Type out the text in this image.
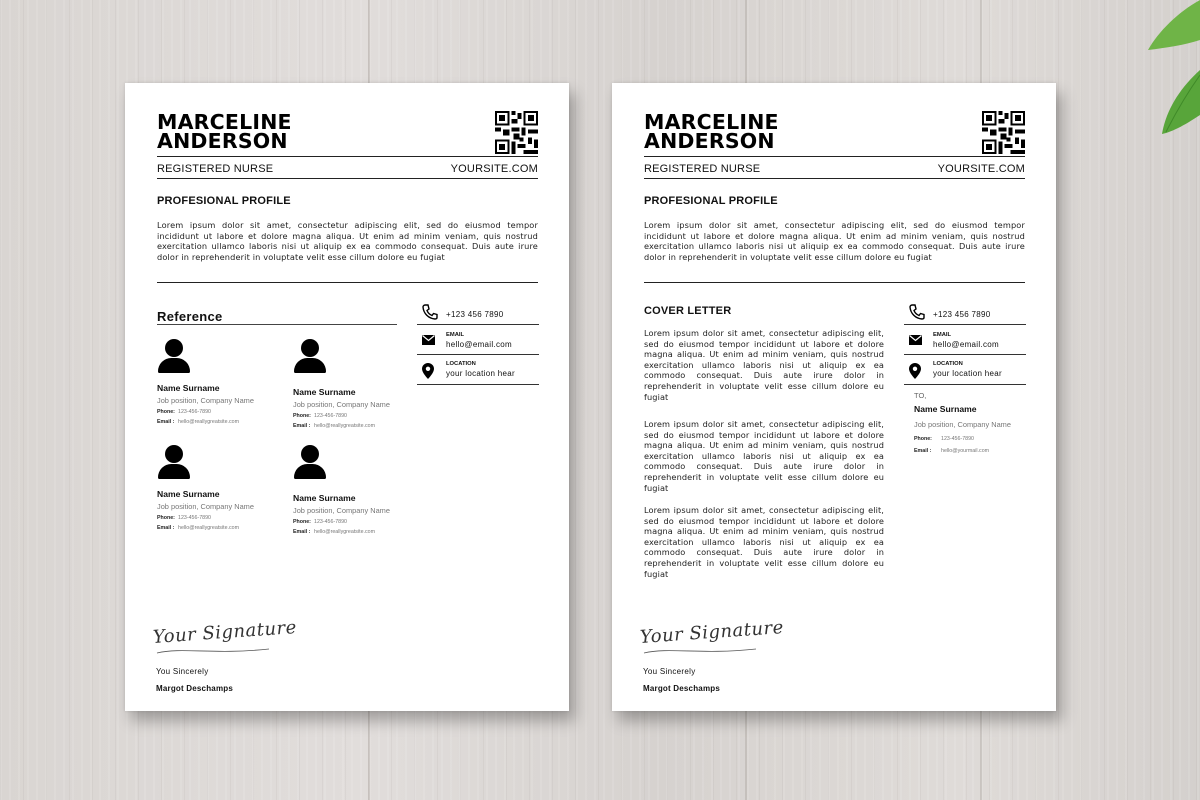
MARCELINE
ANDERSON
REGISTERED NURSE	YOURSITE.COM
PROFESIONAL PROFILE

Lorem ipsum dolor sit amet, consectetur adipiscing elit, sed do eiusmod tempor incididunt ut labore et dolore magna aliqua. Ut enim ad minim veniam, quis nostrud exercitation ullamco laboris nisi ut aliquip ex ea commodo consequat. Duis aute irure dolor in reprehenderit in voluptate velit esse cillum dolore eu fugiat

Reference
Name Surname
Job position, Company Name
Phone: 123-456-7890
Email : hello@reallygreatsite.com
Name Surname
Job position, Company Name
Phone: 123-456-7890
Email : hello@reallygreatsite.com
Name Surname
Job position, Company Name
Phone: 123-456-7890
Email : hello@reallygreatsite.com
Name Surname
Job position, Company Name
Phone: 123-456-7890
Email : hello@reallygreatsite.com
+123 456 7890
EMAIL
hello@email.com
LOCATION
your location hear
Your Signature
You Sincerely
Margot Deschamps
MARCELINE
ANDERSON
REGISTERED NURSE	YOURSITE.COM
PROFESIONAL PROFILE

Lorem ipsum dolor sit amet, consectetur adipiscing elit, sed do eiusmod tempor incididunt ut labore et dolore magna aliqua. Ut enim ad minim veniam, quis nostrud exercitation ullamco laboris nisi ut aliquip ex ea commodo consequat. Duis aute irure dolor in reprehenderit in voluptate velit esse cillum dolore eu fugiat

COVER LETTER

Lorem ipsum dolor sit amet, consectetur adipiscing elit, sed do eiusmod tempor incididunt ut labore et dolore magna aliqua. Ut enim ad minim veniam, quis nostrud exercitation ullamco laboris nisi ut aliquip ex ea commodo consequat. Duis aute irure dolor in reprehenderit in voluptate velit esse cillum dolore eu fugiat

Lorem ipsum dolor sit amet, consectetur adipiscing elit, sed do eiusmod tempor incididunt ut labore et dolore magna aliqua. Ut enim ad minim veniam, quis nostrud exercitation ullamco laboris nisi ut aliquip ex ea commodo consequat. Duis aute irure dolor in reprehenderit in voluptate velit esse cillum dolore eu fugiat

Lorem ipsum dolor sit amet, consectetur adipiscing elit, sed do eiusmod tempor incididunt ut labore et dolore magna aliqua. Ut enim ad minim veniam, quis nostrud exercitation ullamco laboris nisi ut aliquip ex ea commodo consequat. Duis aute irure dolor in reprehenderit in voluptate velit esse cillum dolore eu fugiat

+123 456 7890
EMAIL
hello@email.com
LOCATION
your location hear
TO,
Name Surname
Job position, Company Name
Phone: 123-456-7890
Email : hello@yourmail.com
Your Signature
You Sincerely
Margot Deschamps
